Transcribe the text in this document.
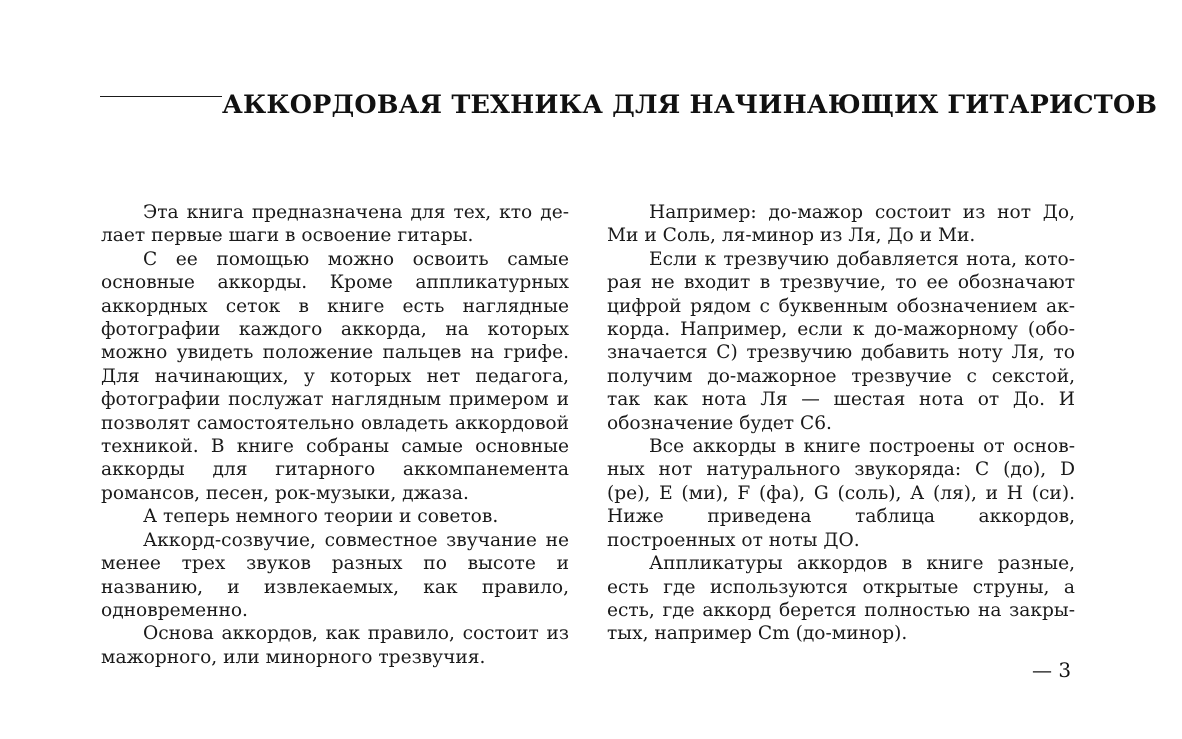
АККОРДОВАЯ ТЕХНИКА ДЛЯ НАЧИНАЮЩИХ ГИТАРИСТОВ

Эта книга предназначена для тех, кто делает первые шаги в освоение гитары.

С ее помощью можно освоить самые основные аккорды. Кроме аппликатурных аккордных сеток в книге есть наглядные фотографии каждого аккорда, на которых можно увидеть положение пальцев на грифе. Для начинающих, у которых нет педагога, фотографии послужат наглядным примером и позволят самостоятельно овладеть аккордовой техникой. В книге собраны самые основные аккорды для гитарного аккомпанемента романсов, песен, рок-музыки, джаза.

А теперь немного теории и советов.

Аккорд-созвучие, совместное звучание не менее трех звуков разных по высоте и названию, и извлекаемых, как правило, одновременно.

Основа аккордов, как правило, состоит из мажорного, или минорного трезвучия.

Например: до-мажор состоит из нот До, Ми и Соль, ля-минор из Ля, До и Ми.

Если к трезвучию добавляется нота, которая не входит в трезвучие, то ее обозначают цифрой рядом с буквенным обозначением аккорда. Например, если к до-мажорному (обозначается С) трезвучию добавить ноту Ля, то получим до-мажорное трезвучие с секстой, так как нота Ля — шестая нота от До. И обозначение будет С6.

Все аккорды в книге построены от основных нот натурального звукоряда: С (до), D (ре), Е (ми), F (фа), G (соль), А (ля), и Н (си). Ниже приведена таблица аккордов, построенных от ноты ДО.

Аппликатуры аккордов в книге разные, есть где используются открытые струны, а есть, где аккорд берется полностью на закрытых, например Cm (до-минор).

— 3
